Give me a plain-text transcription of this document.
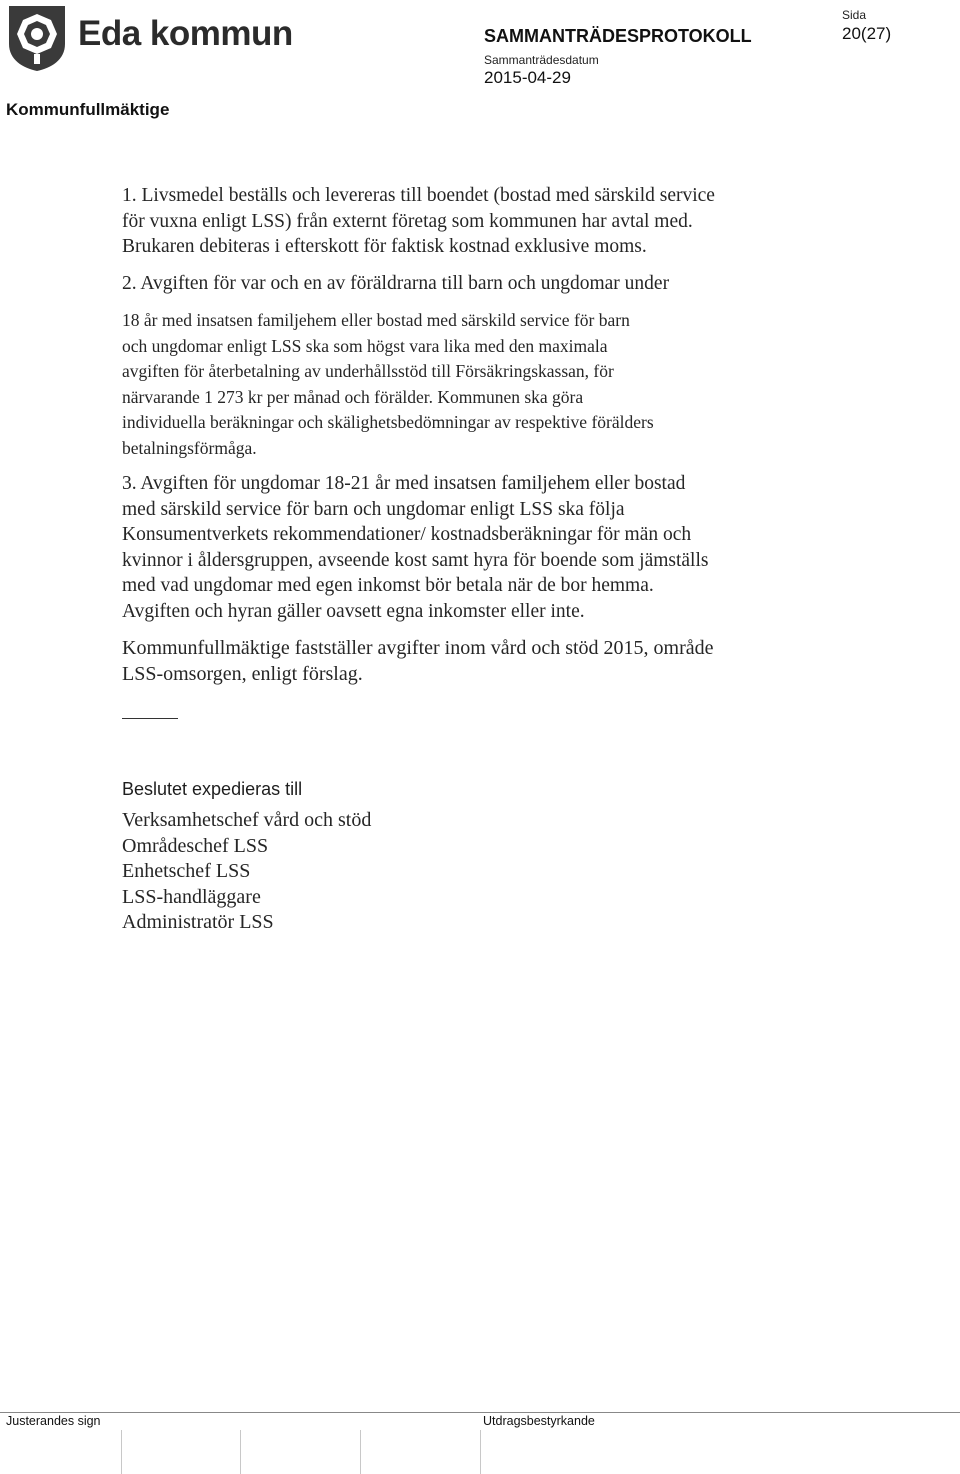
Eda kommun
Kommunfullmäktige
SAMMANTRÄDESPROTOKOLL
Sammanträdesdatum
2015-04-29
Sida
20(27)
1. Livsmedel beställs och levereras till boendet (bostad med särskild service
för vuxna enligt LSS) från externt företag som kommunen har avtal med.
Brukaren debiteras i efterskott för faktisk kostnad exklusive moms.
2. Avgiften för var och en av föräldrarna till barn och ungdomar under
18 år med insatsen familjehem eller bostad med särskild service för barn
och ungdomar enligt LSS ska som högst vara lika med den maximala
avgiften för återbetalning av underhållsstöd till Försäkringskassan, för
närvarande 1 273 kr per månad och förälder. Kommunen ska göra
individuella beräkningar och skälighetsbedömningar av respektive förälders
betalningsförmåga.
3. Avgiften för ungdomar 18-21 år med insatsen familjehem eller bostad
med särskild service för barn och ungdomar enligt LSS ska följa
Konsumentverkets rekommendationer/ kostnadsberäkningar för män och
kvinnor i åldersgruppen, avseende kost samt hyra för boende som jämställs
med vad ungdomar med egen inkomst bör betala när de bor hemma.
Avgiften och hyran gäller oavsett egna inkomster eller inte.
Kommunfullmäktige fastställer avgifter inom vård och stöd 2015, område
LSS-omsorgen, enligt förslag.
Beslutet expedieras till
Verksamhetschef vård och stöd
Områdeschef LSS
Enhetschef LSS
LSS-handläggare
Administratör LSS
Justerandes sign	Utdragsbestyrkande
